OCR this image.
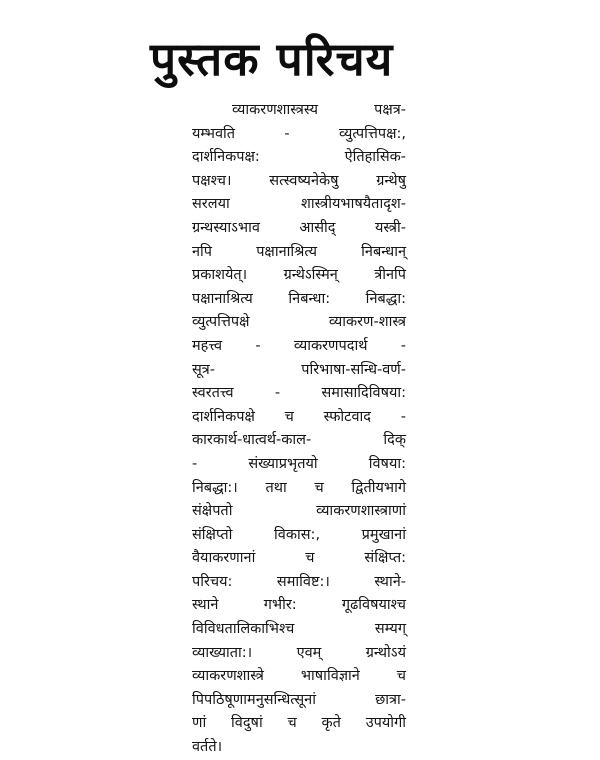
पुस्तक परिचय
व्याकरणशास्त्रस्य पक्षत्र-
यम्भवति - व्युत्पत्तिपक्ष:,
दार्शनिकपक्ष: ऐतिहासिक-
पक्षश्च। सत्स्वष्यनेकेषु ग्रन्थेषु
सरलया शास्त्रीयभाषयैतादृश-
ग्रन्थस्याऽभाव आसीद् यस्त्री-
नपि पक्षानाश्रित्य निबन्धान्
प्रकाशयेत्। ग्रन्थेऽस्मिन् त्रीनपि
पक्षानाश्रित्य निबन्धा: निबद्धा:
व्युत्पत्तिपक्षे व्याकरण-शास्त्र
महत्त्व - व्याकरणपदार्थ -
सूत्र- परिभाषा-सन्धि-वर्ण-
स्वरतत्त्व - समासादिविषया:
दार्शनिकपक्षे च स्फोटवाद -
कारकार्थ-धात्वर्थ-काल- दिक्
- संख्याप्रभृतयो विषया:
निबद्धा:। तथा च द्वितीयभागे
संक्षेपतो व्याकरणशास्त्राणां
संक्षिप्तो विकास:, प्रमुखानां
वैयाकरणानां च संक्षिप्त:
परिचय: समाविष्ट:। स्थाने-
स्थाने गभीर: गूढविषयाश्च
विविधतालिकाभिश्च सम्यग्
व्याख्याता:। एवम् ग्रन्थोऽयं
व्याकरणशास्त्रे भाषाविज्ञाने च
पिपठिषूणामनुसन्धित्सूनां छात्रा-
णां विदुषां च कृते उपयोगी
वर्तते।
